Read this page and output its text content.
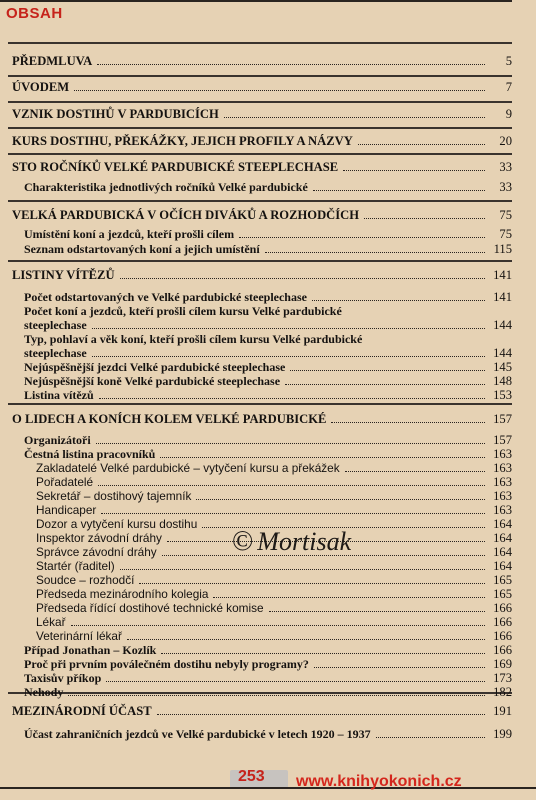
OBSAH
PŘEDMLUVA	5
ÚVODEM	7
VZNIK DOSTIHŮ V PARDUBICÍCH	9
KURS DOSTIHU, PŘEKÁŽKY, JEJICH PROFILY A NÁZVY	20
STO ROČNÍKŮ VELKÉ PARDUBICKÉ STEEPLECHASE	33
Charakteristika jednotlivých ročníků Velké pardubické	33
VELKÁ PARDUBICKÁ V OČÍCH DIVÁKŮ A ROZHODČÍCH	75
Umístění koní a jezdců, kteří prošli cílem	75
Seznam odstartovaných koní a jejich umístění	115
LISTINY VÍTĚZŮ	141
Počet odstartovaných ve Velké pardubické steeplechase	141
Počet koní a jezdců, kteří prošli cílem kursu Velké pardubické
steeplechase	144
Typ, pohlaví a věk koní, kteří prošli cílem kursu Velké pardubické
steeplechase	144
Nejúspěšnější jezdci Velké pardubické steeplechase	145
Nejúspěšnější koně Velké pardubické steeplechase	148
Listina vítězů	153
O LIDECH A KONÍCH KOLEM VELKÉ PARDUBICKÉ	157
Organizátoři	157
Čestná listina pracovníků	163
Zakladatelé Velké pardubické – vytyčení kursu a překážek	163
Pořadatelé	163
Sekretář – dostihový tajemník	163
Handicaper	163
Dozor a vytyčení kursu dostihu	164
Inspektor závodní dráhy	164
Správce závodní dráhy	164
Startér (řaditel)	164
Soudce – rozhodčí	165
Předseda mezinárodního kolegia	165
Předseda řídící dostihové technické komise	166
Lékař	166
Veterinární lékař	166
Případ Jonathan – Kozlík	166
Proč při prvním poválečném dostihu nebyly programy?	169
Taxisův příkop	173
Nehody	182
MEZINÁRODNÍ ÚČAST	191
Účast zahraničních jezdců ve Velké pardubické v letech 1920 – 1937	199
© Mortisak
253 www.knihyokonich.cz
